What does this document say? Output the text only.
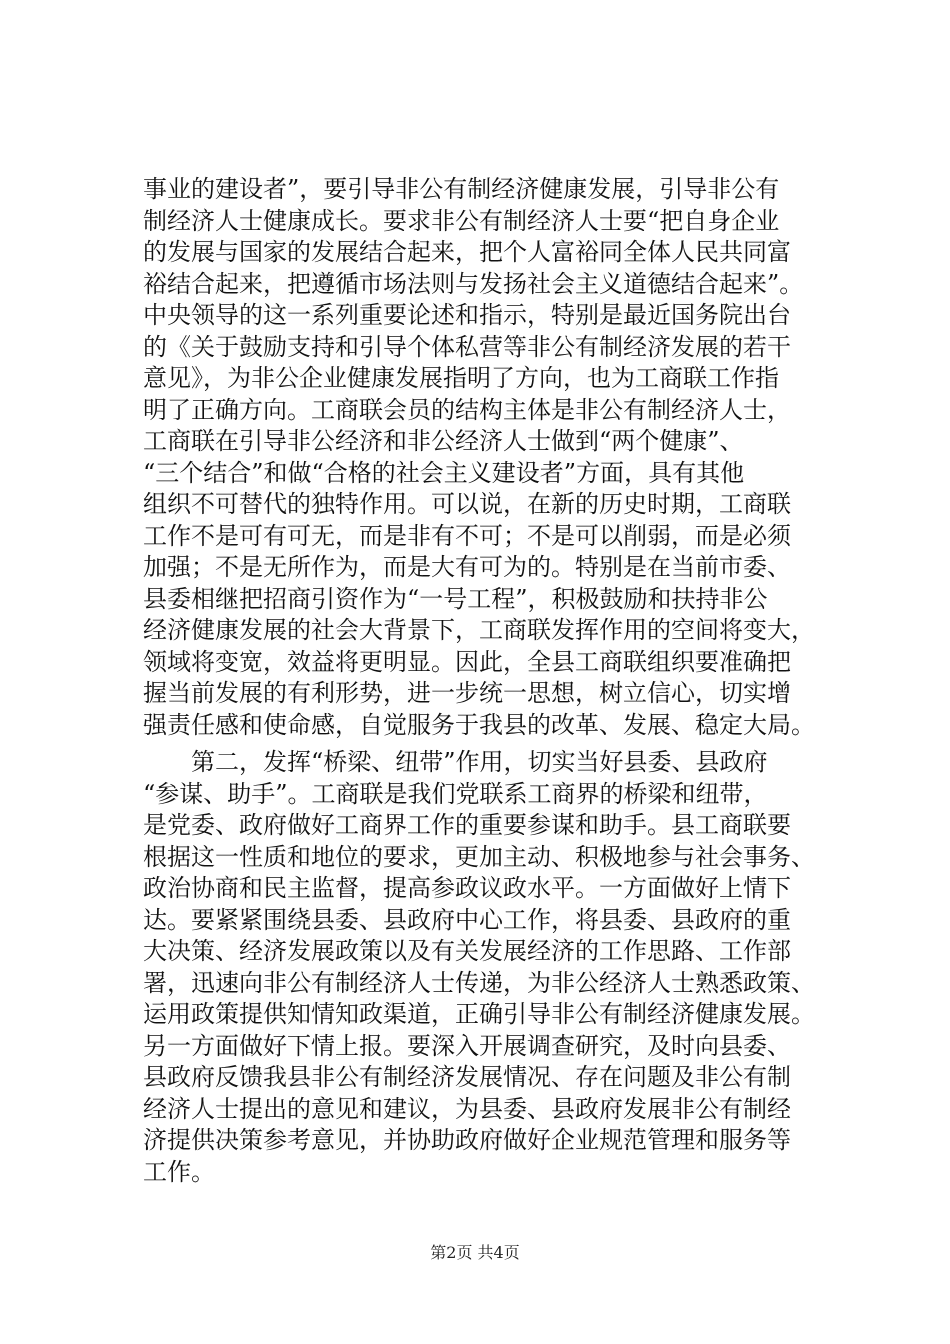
事业的建设者”，要引导非公有制经济健康发展，引导非公有
制经济人士健康成长。要求非公有制经济人士要“把自身企业
的发展与国家的发展结合起来，把个人富裕同全体人民共同富
裕结合起来，把遵循市场法则与发扬社会主义道德结合起来”。
中央领导的这一系列重要论述和指示，特别是最近国务院出台
的《关于鼓励支持和引导个体私营等非公有制经济发展的若干
意见》，为非公企业健康发展指明了方向，也为工商联工作指
明了正确方向。工商联会员的结构主体是非公有制经济人士，
工商联在引导非公经济和非公经济人士做到“两个健康”、
“三个结合”和做“合格的社会主义建设者”方面，具有其他
组织不可替代的独特作用。可以说，在新的历史时期，工商联
工作不是可有可无，而是非有不可；不是可以削弱，而是必须
加强；不是无所作为，而是大有可为的。特别是在当前市委、
县委相继把招商引资作为“一号工程”，积极鼓励和扶持非公
经济健康发展的社会大背景下，工商联发挥作用的空间将变大，
领域将变宽，效益将更明显。因此，全县工商联组织要准确把
握当前发展的有利形势，进一步统一思想，树立信心，切实增
强责任感和使命感，自觉服务于我县的改革、发展、稳定大局。
　　第二，发挥“桥梁、纽带”作用，切实当好县委、县政府
“参谋、助手”。工商联是我们党联系工商界的桥梁和纽带，
是党委、政府做好工商界工作的重要参谋和助手。县工商联要
根据这一性质和地位的要求，更加主动、积极地参与社会事务、
政治协商和民主监督，提高参政议政水平。一方面做好上情下
达。要紧紧围绕县委、县政府中心工作，将县委、县政府的重
大决策、经济发展政策以及有关发展经济的工作思路、工作部
署，迅速向非公有制经济人士传递，为非公经济人士熟悉政策、
运用政策提供知情知政渠道，正确引导非公有制经济健康发展。
另一方面做好下情上报。要深入开展调查研究，及时向县委、
县政府反馈我县非公有制经济发展情况、存在问题及非公有制
经济人士提出的意见和建议，为县委、县政府发展非公有制经
济提供决策参考意见，并协助政府做好企业规范管理和服务等
工作。
第2页 共4页
